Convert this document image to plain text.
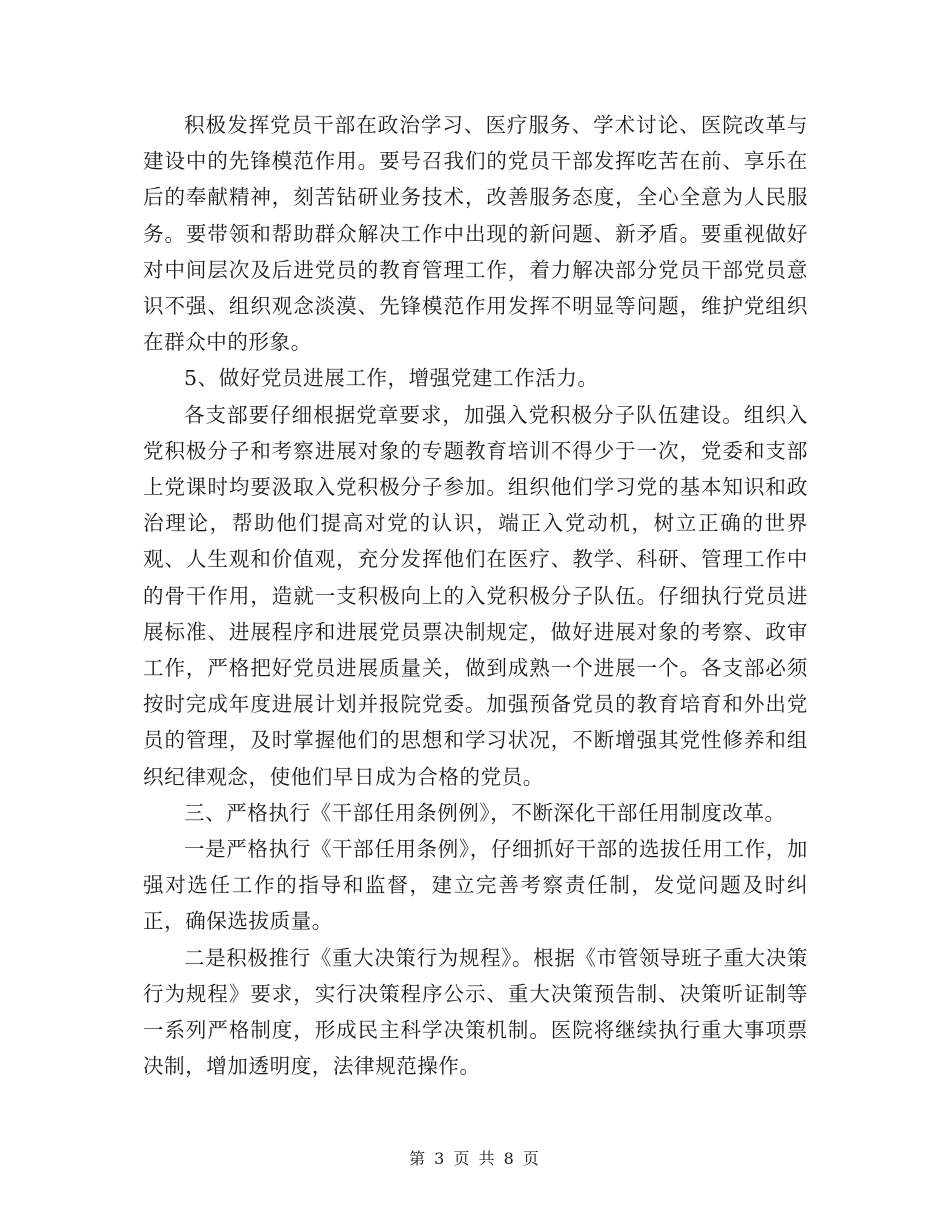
积极发挥党员干部在政治学习、医疗服务、学术讨论、医院改革与建设中的先锋模范作用。要号召我们的党员干部发挥吃苦在前、享乐在后的奉献精神，刻苦钻研业务技术，改善服务态度，全心全意为人民服务。要带领和帮助群众解决工作中出现的新问题、新矛盾。要重视做好对中间层次及后进党员的教育管理工作，着力解决部分党员干部党员意识不强、组织观念淡漠、先锋模范作用发挥不明显等问题，维护党组织在群众中的形象。

5、做好党员进展工作，增强党建工作活力。

各支部要仔细根据党章要求，加强入党积极分子队伍建设。组织入党积极分子和考察进展对象的专题教育培训不得少于一次，党委和支部上党课时均要汲取入党积极分子参加。组织他们学习党的基本知识和政治理论，帮助他们提高对党的认识，端正入党动机，树立正确的世界观、人生观和价值观，充分发挥他们在医疗、教学、科研、管理工作中的骨干作用，造就一支积极向上的入党积极分子队伍。仔细执行党员进展标准、进展程序和进展党员票决制规定，做好进展对象的考察、政审工作，严格把好党员进展质量关，做到成熟一个进展一个。各支部必须按时完成年度进展计划并报院党委。加强预备党员的教育培育和外出党员的管理，及时掌握他们的思想和学习状况，不断增强其党性修养和组织纪律观念，使他们早日成为合格的党员。

三、严格执行《干部任用条例例》，不断深化干部任用制度改革。

一是严格执行《干部任用条例》，仔细抓好干部的选拔任用工作，加强对选任工作的指导和监督，建立完善考察责任制，发觉问题及时纠正，确保选拔质量。

二是积极推行《重大决策行为规程》。根据《市管领导班子重大决策行为规程》要求，实行决策程序公示、重大决策预告制、决策听证制等一系列严格制度，形成民主科学决策机制。医院将继续执行重大事项票决制，增加透明度，法律规范操作。

第 3 页 共 8 页
